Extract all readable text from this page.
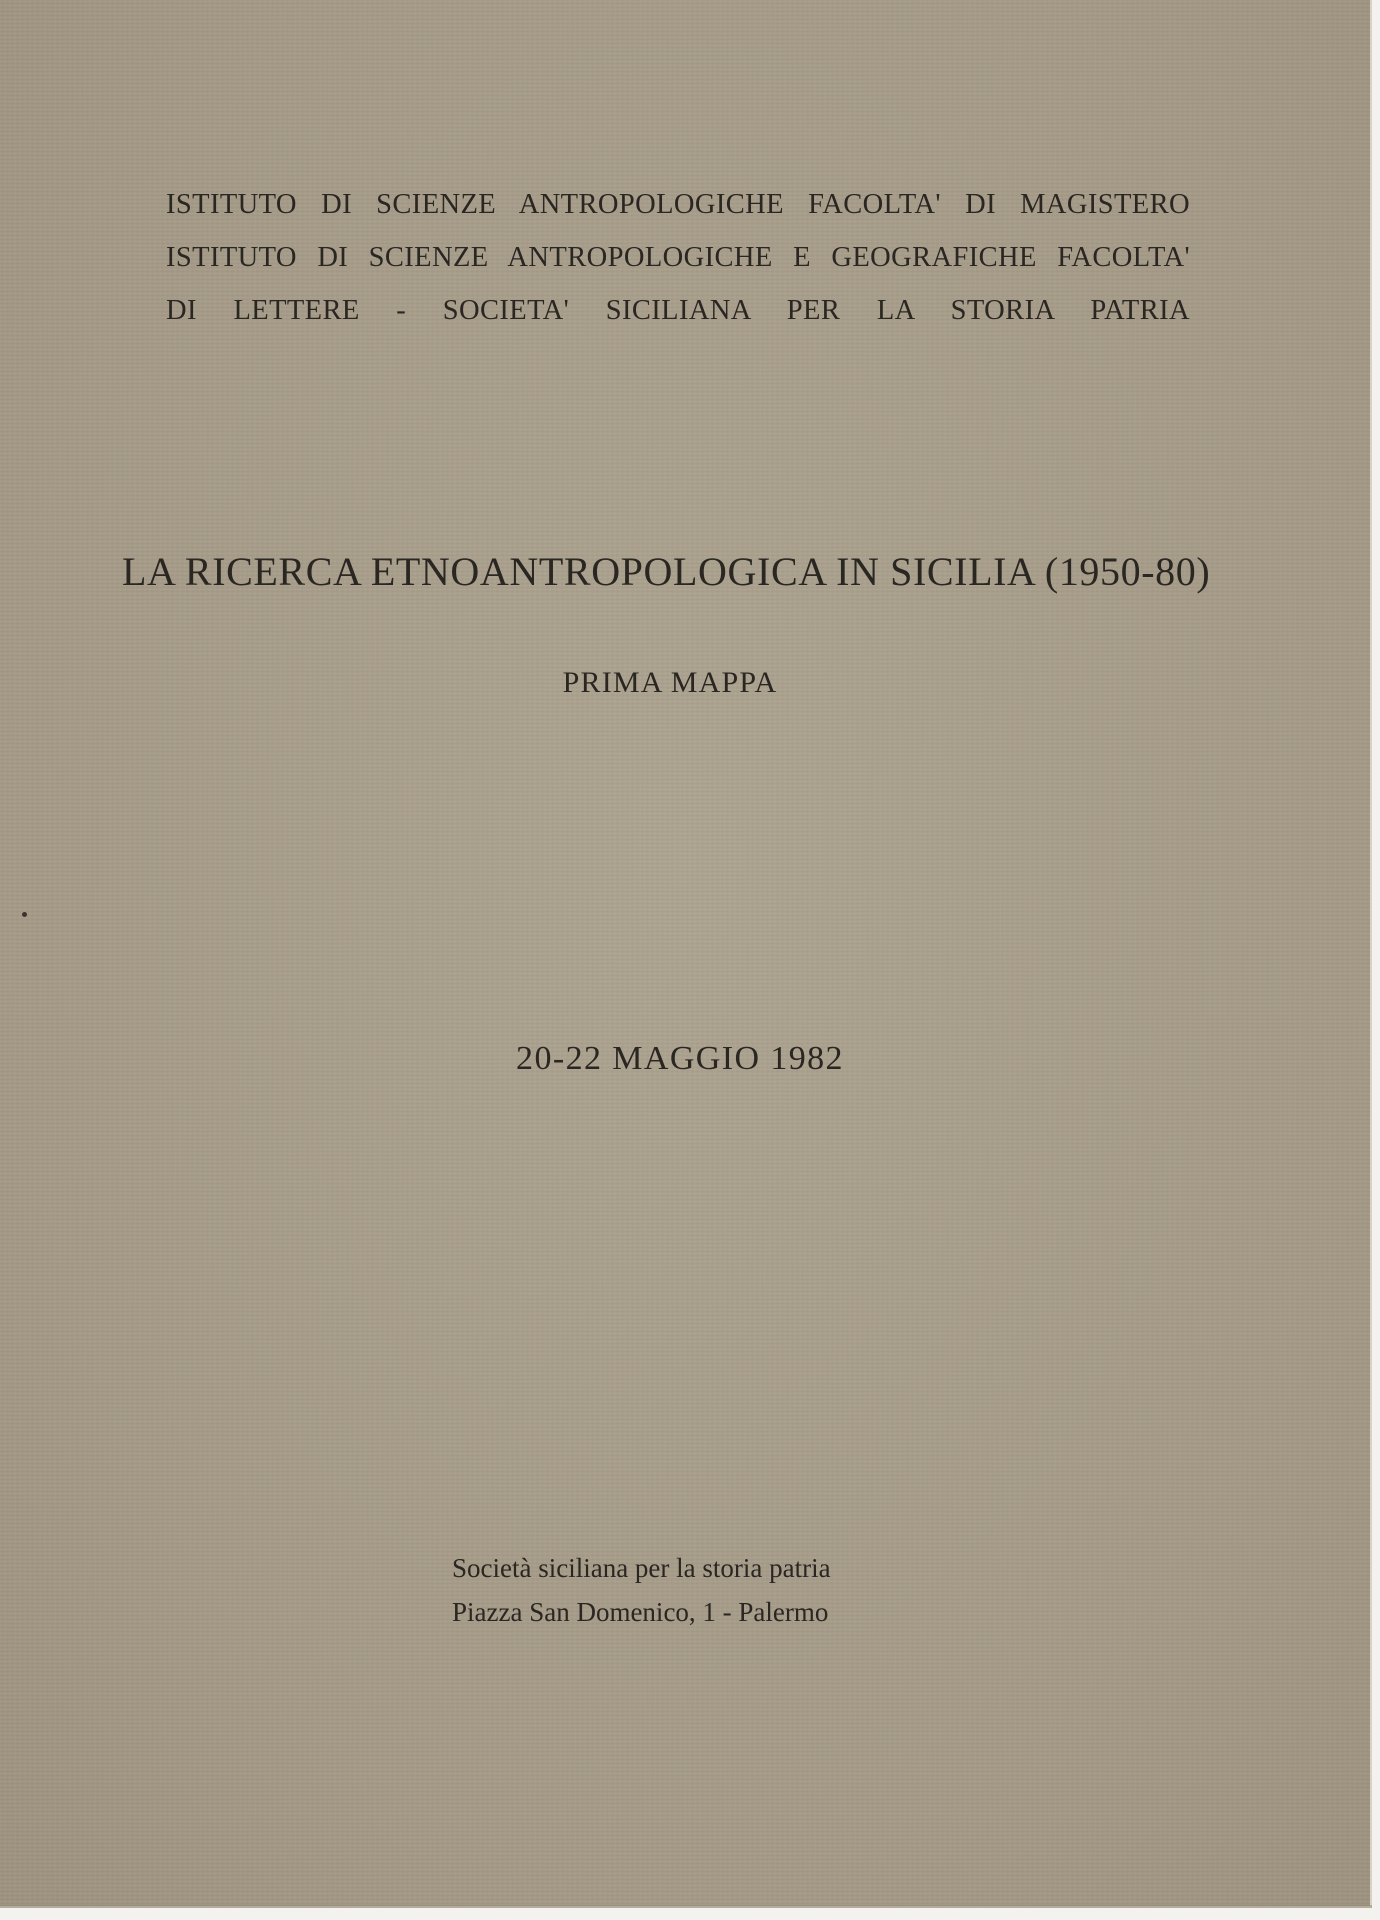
ISTITUTO DI SCIENZE ANTROPOLOGICHE FACOLTA' DI MAGISTERO
ISTITUTO DI SCIENZE ANTROPOLOGICHE E GEOGRAFICHE FACOLTA'
DI LETTERE - SOCIETA' SICILIANA PER LA STORIA PATRIA
LA RICERCA ETNOANTROPOLOGICA IN SICILIA (1950-80)
PRIMA MAPPA
20-22 MAGGIO 1982
Società siciliana per la storia patria
Piazza San Domenico, 1 - Palermo
